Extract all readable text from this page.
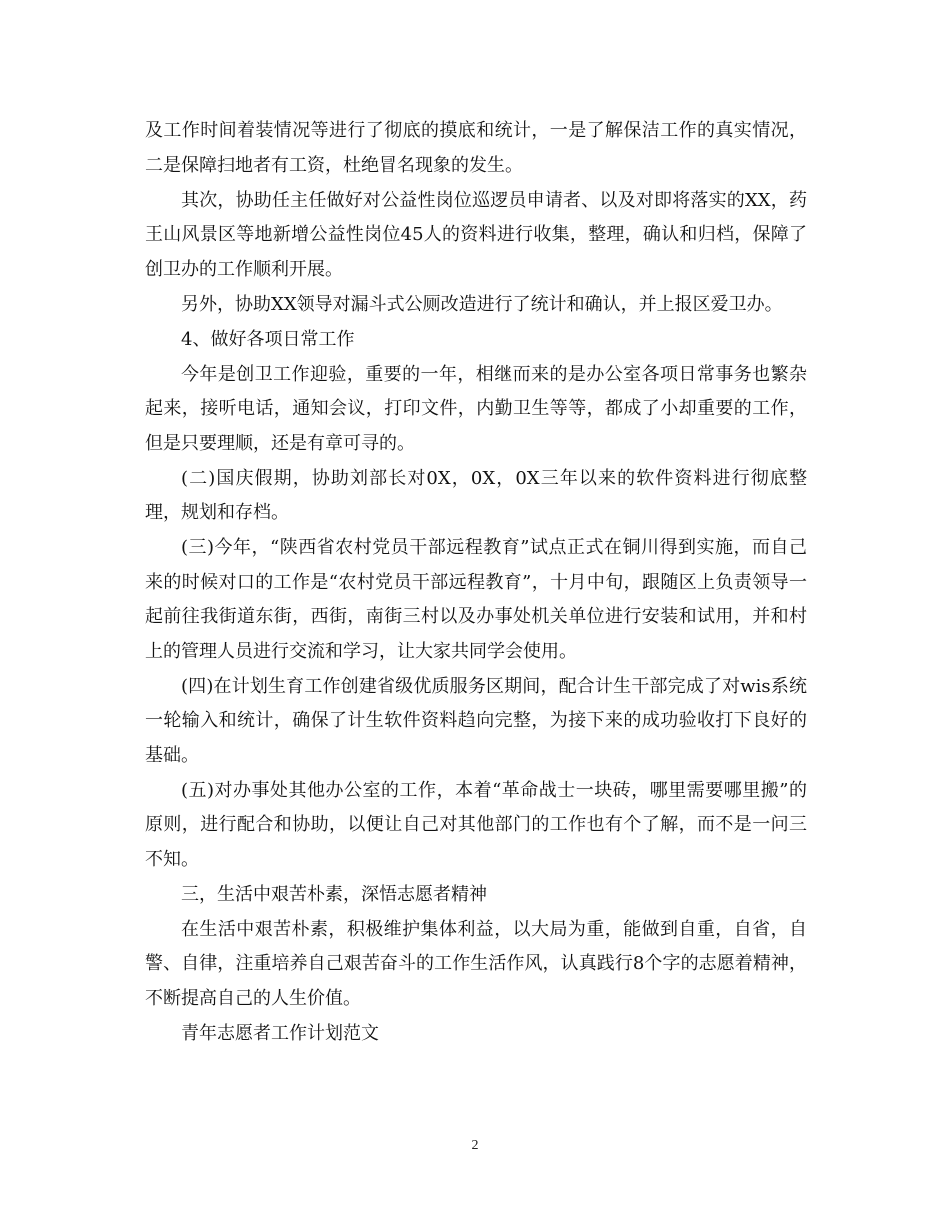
及工作时间着装情况等进行了彻底的摸底和统计，一是了解保洁工作的真实情况，二是保障扫地者有工资，杜绝冒名现象的发生。

其次，协助任主任做好对公益性岗位巡逻员申请者、以及对即将落实的XX，药王山风景区等地新增公益性岗位45人的资料进行收集，整理，确认和归档，保障了创卫办的工作顺利开展。

另外，协助XX领导对漏斗式公厕改造进行了统计和确认，并上报区爱卫办。

4、做好各项日常工作

今年是创卫工作迎验，重要的一年，相继而来的是办公室各项日常事务也繁杂起来，接听电话，通知会议，打印文件，内勤卫生等等，都成了小却重要的工作，但是只要理顺，还是有章可寻的。

(二)国庆假期，协助刘部长对0X，0X，0X三年以来的软件资料进行彻底整理，规划和存档。

(三)今年，“陕西省农村党员干部远程教育”试点正式在铜川得到实施，而自己来的时候对口的工作是“农村党员干部远程教育”，十月中旬，跟随区上负责领导一起前往我街道东街，西街，南街三村以及办事处机关单位进行安装和试用，并和村上的管理人员进行交流和学习，让大家共同学会使用。

(四)在计划生育工作创建省级优质服务区期间，配合计生干部完成了对wis系统一轮输入和统计，确保了计生软件资料趋向完整，为接下来的成功验收打下良好的基础。

(五)对办事处其他办公室的工作，本着“革命战士一块砖，哪里需要哪里搬”的原则，进行配合和协助，以便让自己对其他部门的工作也有个了解，而不是一问三不知。

三，生活中艰苦朴素，深悟志愿者精神

在生活中艰苦朴素，积极维护集体利益，以大局为重，能做到自重，自省，自警、自律，注重培养自己艰苦奋斗的工作生活作风，认真践行8个字的志愿着精神，不断提高自己的人生价值。

青年志愿者工作计划范文

2
